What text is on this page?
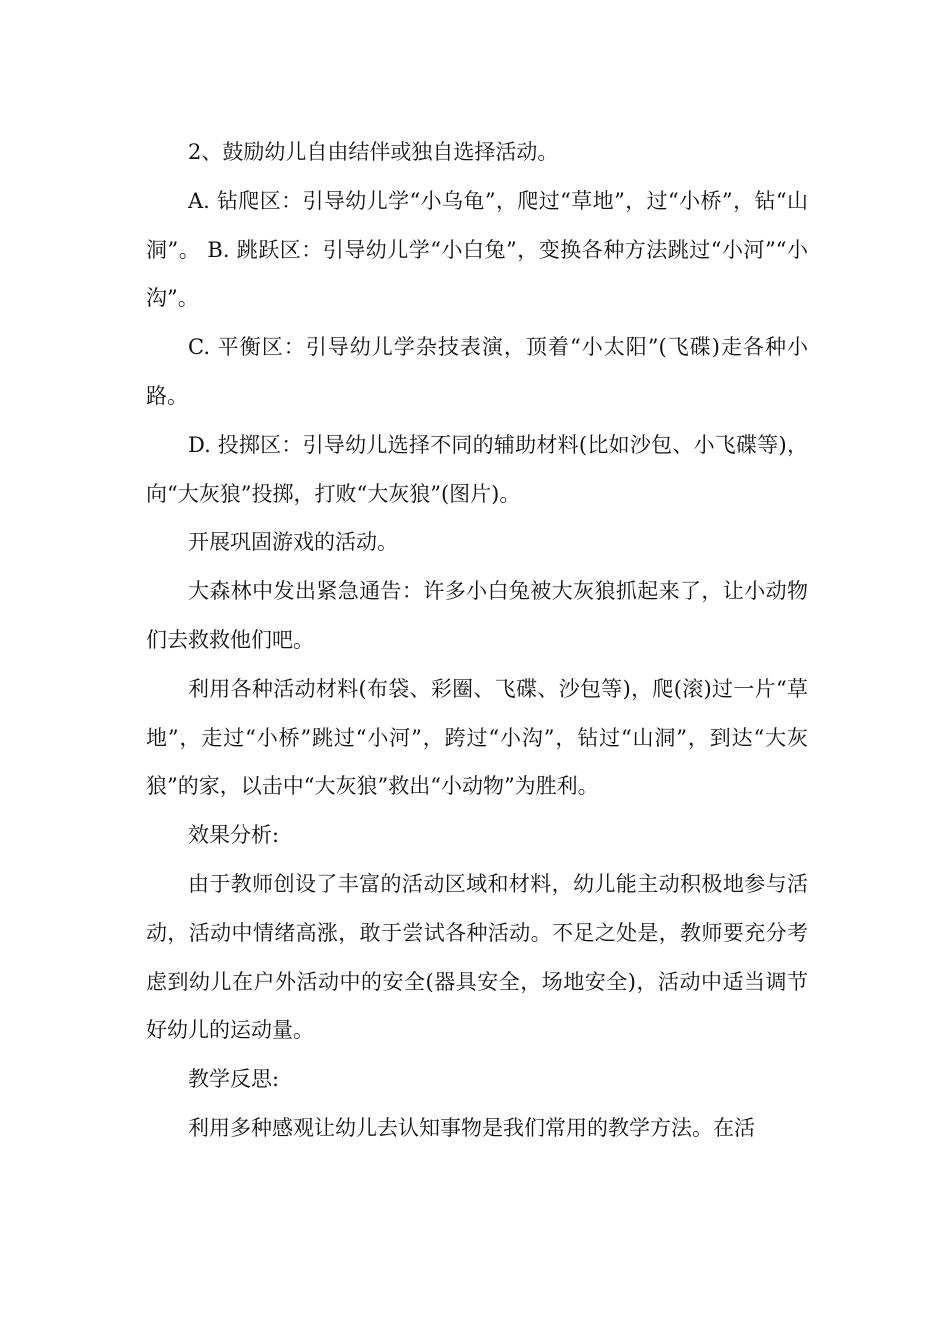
2、鼓励幼儿自由结伴或独自选择活动。

A. 钻爬区：引导幼儿学“小乌龟”，爬过“草地”，过“小桥”，钻“山洞”。 B. 跳跃区：引导幼儿学“小白兔”，变换各种方法跳过“小河”“小沟”。

C. 平衡区：引导幼儿学杂技表演，顶着“小太阳”(飞碟)走各种小路。

D. 投掷区：引导幼儿选择不同的辅助材料(比如沙包、小飞碟等)，向“大灰狼”投掷，打败“大灰狼”(图片)。

开展巩固游戏的活动。

大森林中发出紧急通告：许多小白兔被大灰狼抓起来了，让小动物们去救救他们吧。

利用各种活动材料(布袋、彩圈、飞碟、沙包等)，爬(滚)过一片“草地”，走过“小桥”跳过“小河”，跨过“小沟”，钻过“山洞”，到达“大灰狼”的家，以击中“大灰狼”救出“小动物”为胜利。

效果分析:

由于教师创设了丰富的活动区域和材料，幼儿能主动积极地参与活动，活动中情绪高涨，敢于尝试各种活动。不足之处是，教师要充分考虑到幼儿在户外活动中的安全(器具安全，场地安全)，活动中适当调节好幼儿的运动量。

教学反思:

利用多种感观让幼儿去认知事物是我们常用的教学方法。在活
